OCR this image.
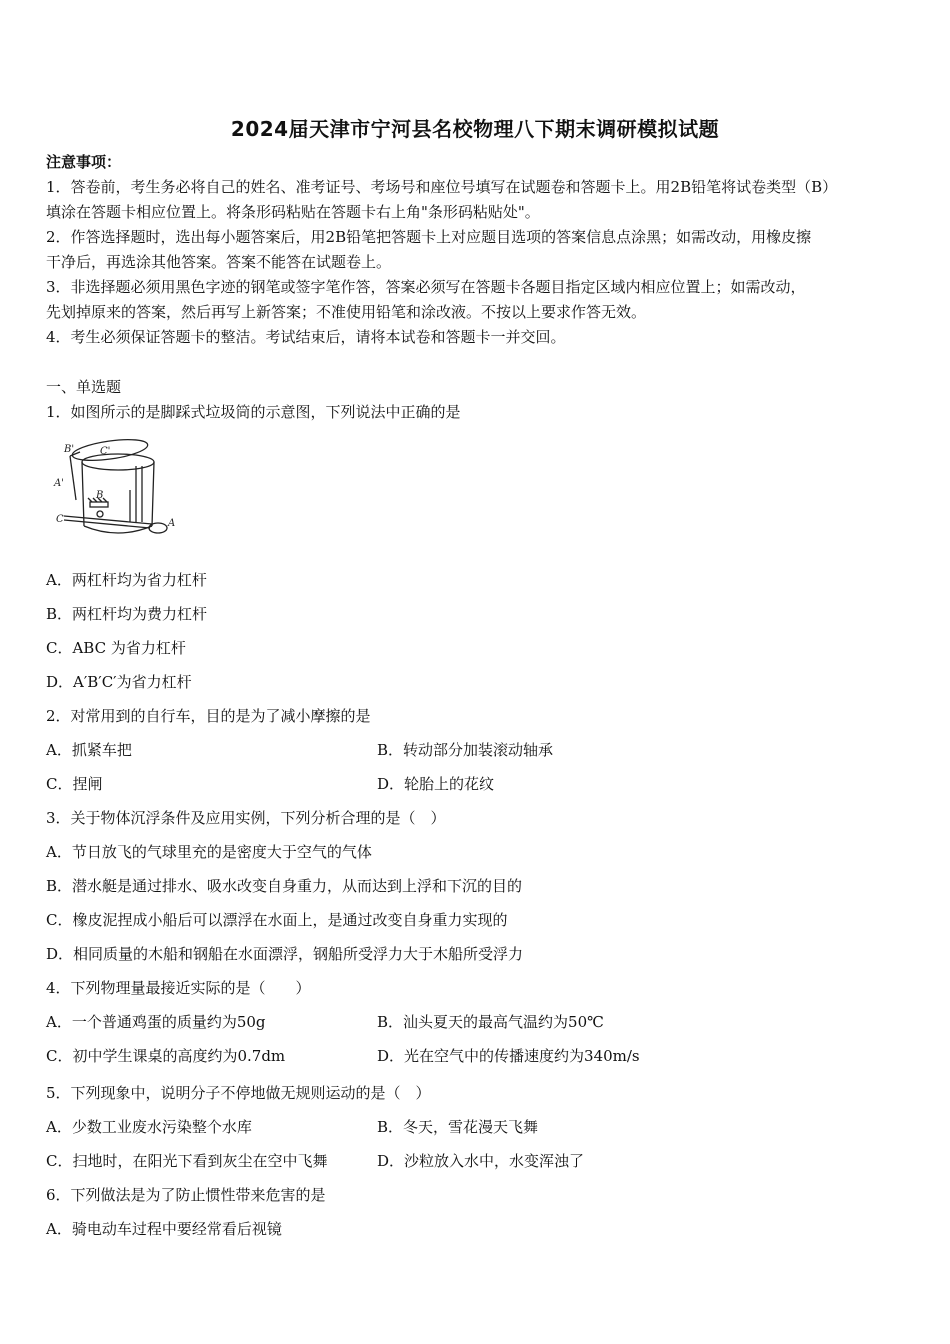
2024届天津市宁河县名校物理八下期末调研模拟试题
注意事项：
1．答卷前，考生务必将自己的姓名、准考证号、考场号和座位号填写在试题卷和答题卡上。用2B铅笔将试卷类型（B）
填涂在答题卡相应位置上。将条形码粘贴在答题卡右上角"条形码粘贴处"。
2．作答选择题时，选出每小题答案后，用2B铅笔把答题卡上对应题目选项的答案信息点涂黑；如需改动，用橡皮擦
干净后，再选涂其他答案。答案不能答在试题卷上。
3．非选择题必须用黑色字迹的钢笔或签字笔作答，答案必须写在答题卡各题目指定区域内相应位置上；如需改动，
先划掉原来的答案，然后再写上新答案；不准使用铅笔和涂改液。不按以上要求作答无效。
4．考生必须保证答题卡的整洁。考试结束后，请将本试卷和答题卡一并交回。
一、单选题
1．如图所示的是脚踩式垃圾筒的示意图，下列说法中正确的是
B'	C'
A'
B
C	A
A．两杠杆均为省力杠杆
B．两杠杆均为费力杠杆
C．ABC 为省力杠杆
D．A′B′C′为省力杠杆
2．对常用到的自行车，目的是为了减小摩擦的是
A．抓紧车把	B．转动部分加装滚动轴承
C．捏闸	D．轮胎上的花纹
3．关于物体沉浮条件及应用实例，下列分析合理的是（　）
A．节日放飞的气球里充的是密度大于空气的气体
B．潜水艇是通过排水、吸水改变自身重力，从而达到上浮和下沉的目的
C．橡皮泥捏成小船后可以漂浮在水面上，是通过改变自身重力实现的
D．相同质量的木船和钢船在水面漂浮，钢船所受浮力大于木船所受浮力
4．下列物理量最接近实际的是（　　）
A．一个普通鸡蛋的质量约为50g	B．汕头夏天的最高气温约为50℃
C．初中学生课桌的高度约为0.7dm	D．光在空气中的传播速度约为340m/s
5．下列现象中，说明分子不停地做无规则运动的是（　）
A．少数工业废水污染整个水库	B．冬天，雪花漫天飞舞
C．扫地时，在阳光下看到灰尘在空中飞舞	D．沙粒放入水中，水变浑浊了
6．下列做法是为了防止惯性带来危害的是
A．骑电动车过程中要经常看后视镜
